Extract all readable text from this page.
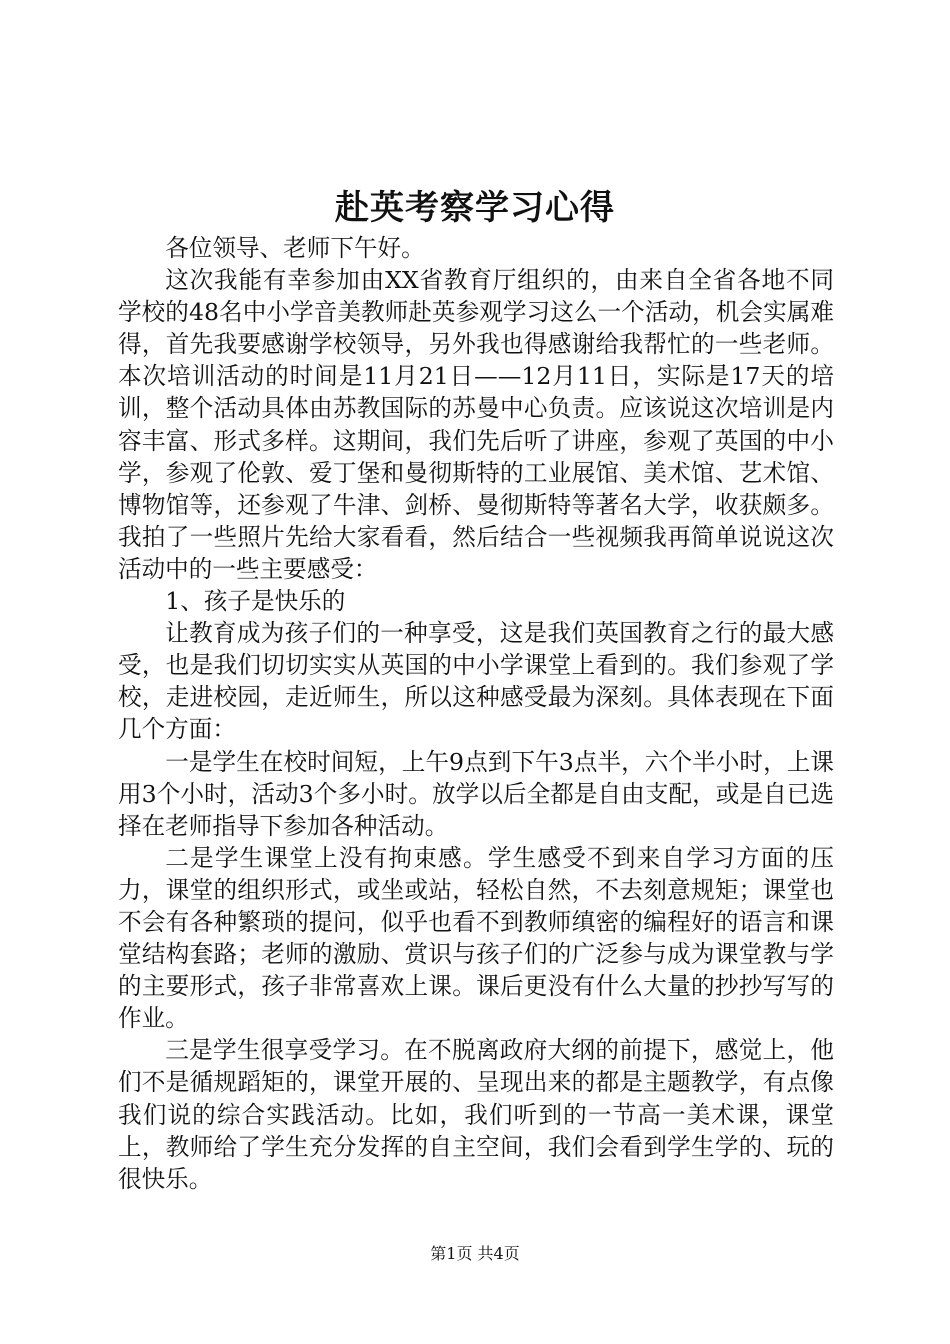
赴英考察学习心得

各位领导、老师下午好。

这次我能有幸参加由XX省教育厅组织的，由来自全省各地不同学校的48名中小学音美教师赴英参观学习这么一个活动，机会实属难得，首先我要感谢学校领导，另外我也得感谢给我帮忙的一些老师。本次培训活动的时间是11月21日——12月11日，实际是17天的培训，整个活动具体由苏教国际的苏曼中心负责。应该说这次培训是内容丰富、形式多样。这期间，我们先后听了讲座，参观了英国的中小学，参观了伦敦、爱丁堡和曼彻斯特的工业展馆、美术馆、艺术馆、博物馆等，还参观了牛津、剑桥、曼彻斯特等著名大学，收获颇多。我拍了一些照片先给大家看看，然后结合一些视频我再简单说说这次活动中的一些主要感受：

1、孩子是快乐的

让教育成为孩子们的一种享受，这是我们英国教育之行的最大感受，也是我们切切实实从英国的中小学课堂上看到的。我们参观了学校，走进校园，走近师生，所以这种感受最为深刻。具体表现在下面几个方面：

一是学生在校时间短，上午9点到下午3点半，六个半小时，上课用3个小时，活动3个多小时。放学以后全都是自由支配，或是自已选择在老师指导下参加各种活动。

二是学生课堂上没有拘束感。学生感受不到来自学习方面的压力，课堂的组织形式，或坐或站，轻松自然，不去刻意规矩；课堂也不会有各种繁琐的提问，似乎也看不到教师缜密的编程好的语言和课堂结构套路；老师的激励、赏识与孩子们的广泛参与成为课堂教与学的主要形式，孩子非常喜欢上课。课后更没有什么大量的抄抄写写的作业。

三是学生很享受学习。在不脱离政府大纲的前提下，感觉上，他们不是循规蹈矩的，课堂开展的、呈现出来的都是主题教学，有点像我们说的综合实践活动。比如，我们听到的一节高一美术课，课堂上，教师给了学生充分发挥的自主空间，我们会看到学生学的、玩的很快乐。

第1页 共4页
